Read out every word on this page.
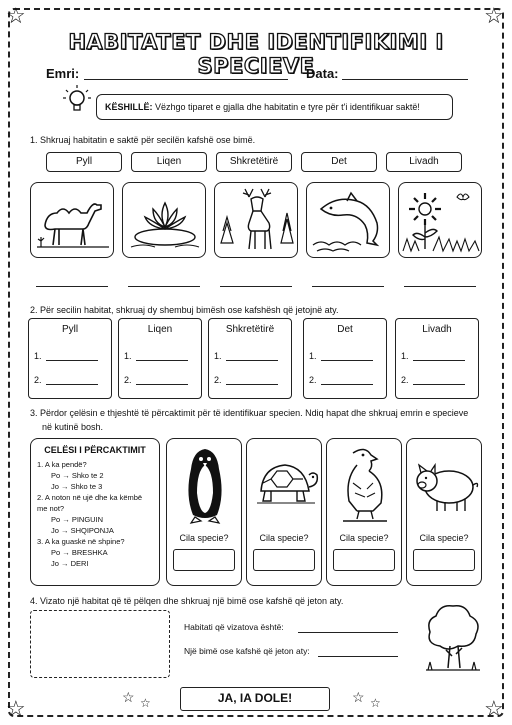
☆	☆
☆	☆
☆ ☆	☆ ☆
HABITATET DHE IDENTIFIKIMI I SPECIEVE
Emri:	Data:
KËSHILLË: Vëzhgo tiparet e gjalla dhe habitatin e tyre për t'i identifikuar saktë!
1. Shkruaj habitatin e saktë për secilën kafshë ose bimë.
Pyll	Liqen	Shkretëtirë	Det	Livadh
2. Për secilin habitat, shkruaj dy shembuj bimësh ose kafshësh që jetojnë aty.
Pyll
1.
2.
Liqen
1.
2.
Shkretëtirë
1.
2.
Det
1.
2.
Livadh
1.
2.
3. Përdor çelësin e thjeshtë të përcaktimit për të identifikuar specien. Ndiq hapat dhe shkruaj emrin e specieve
në kutinë bosh.
CELËSI I PËRCAKTIMIT
1. A ka pendë?
Po → Shko te 2
Jo → Shko te 3
2. A noton në ujë dhe ka këmbë me not?
Po → PINGUIN
Jo → SHQIPONJA
3. A ka guaskë në shpine?
Po → BRESHKA
Jo → DERI
Cila specie?	Cila specie?	Cila specie?	Cila specie?
4. Vizato një habitat që të pëlqen dhe shkruaj një bimë ose kafshë që jeton aty.
Habitati që vizatova është:
Një bimë ose kafshë që jeton aty:
JA, IA DOLE!
